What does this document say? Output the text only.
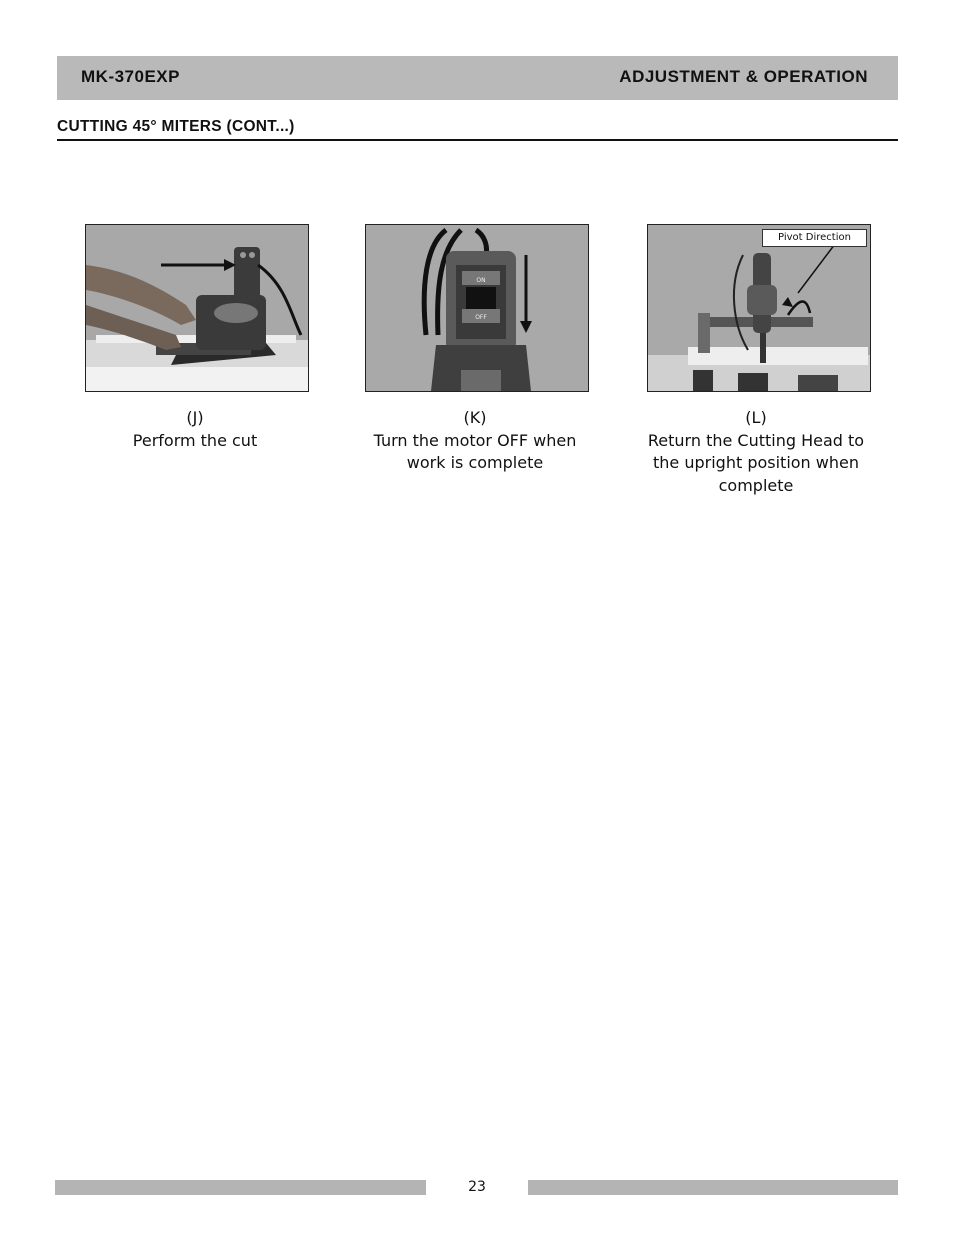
MK-370EXP	ADJUSTMENT & OPERATION
CUTTING 45° MITERS (CONT...)
ON
OFF
Pivot Direction
(J)
Perform the cut
(K)
Turn the motor OFF when
work is complete
(L)
Return the Cutting Head to
the upright position when
complete
23
